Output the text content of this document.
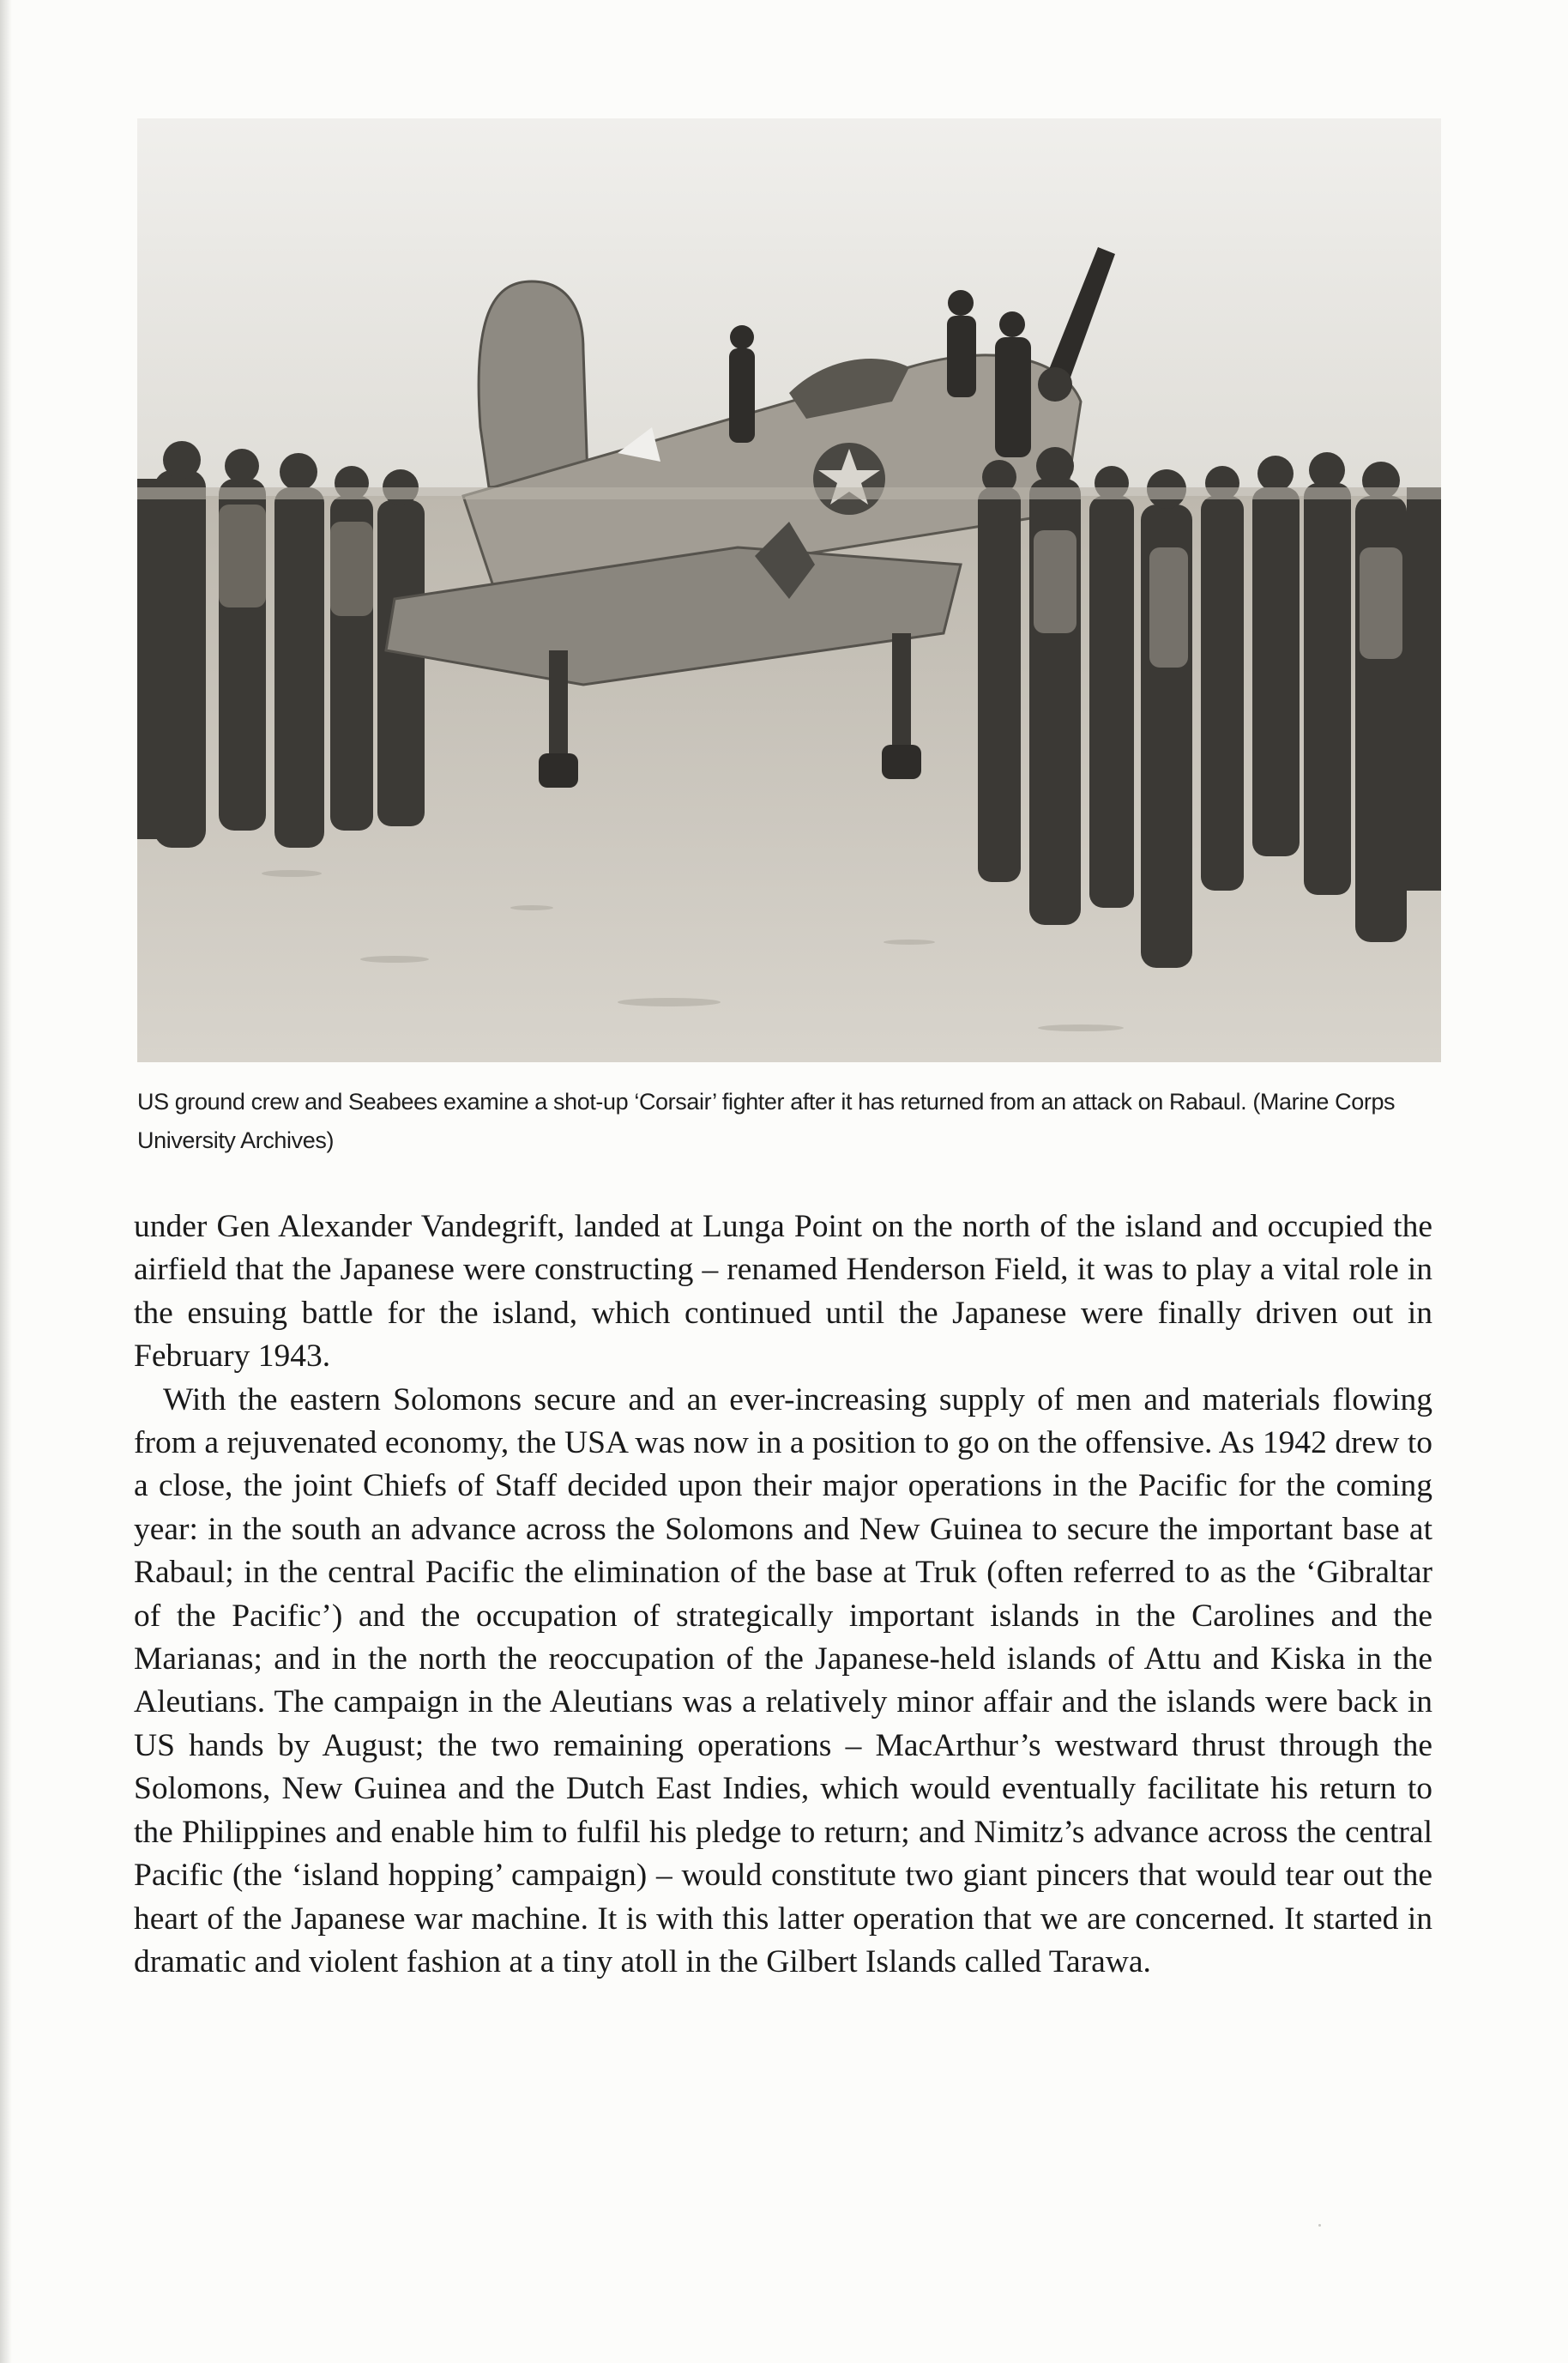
US ground crew and Seabees examine a shot-up ‘Corsair’ fighter after it has returned from an attack on Rabaul. (Marine Corps University Archives)

under Gen Alexander Vandegrift, landed at Lunga Point on the north of the island and occupied the airfield that the Japanese were constructing – renamed Henderson Field, it was to play a vital role in the ensuing battle for the island, which continued until the Japanese were finally driven out in February 1943.

With the eastern Solomons secure and an ever-increasing supply of men and materials flowing from a rejuvenated economy, the USA was now in a position to go on the offensive. As 1942 drew to a close, the joint Chiefs of Staff decided upon their major operations in the Pacific for the coming year: in the south an advance across the Solomons and New Guinea to secure the important base at Rabaul; in the central Pacific the elimination of the base at Truk (often referred to as the ‘Gibraltar of the Pacific’) and the occupation of strategically important islands in the Carolines and the Marianas; and in the north the reoccupation of the Japanese-held islands of Attu and Kiska in the Aleutians. The campaign in the Aleutians was a relatively minor affair and the islands were back in US hands by August; the two remaining operations – MacArthur’s westward thrust through the Solomons, New Guinea and the Dutch East Indies, which would eventually facilitate his return to the Philippines and enable him to fulfil his pledge to return; and Nimitz’s advance across the central Pacific (the ‘island hopping’ campaign) – would constitute two giant pincers that would tear out the heart of the Japanese war machine. It is with this latter operation that we are concerned. It started in dramatic and violent fashion at a tiny atoll in the Gilbert Islands called Tarawa.
